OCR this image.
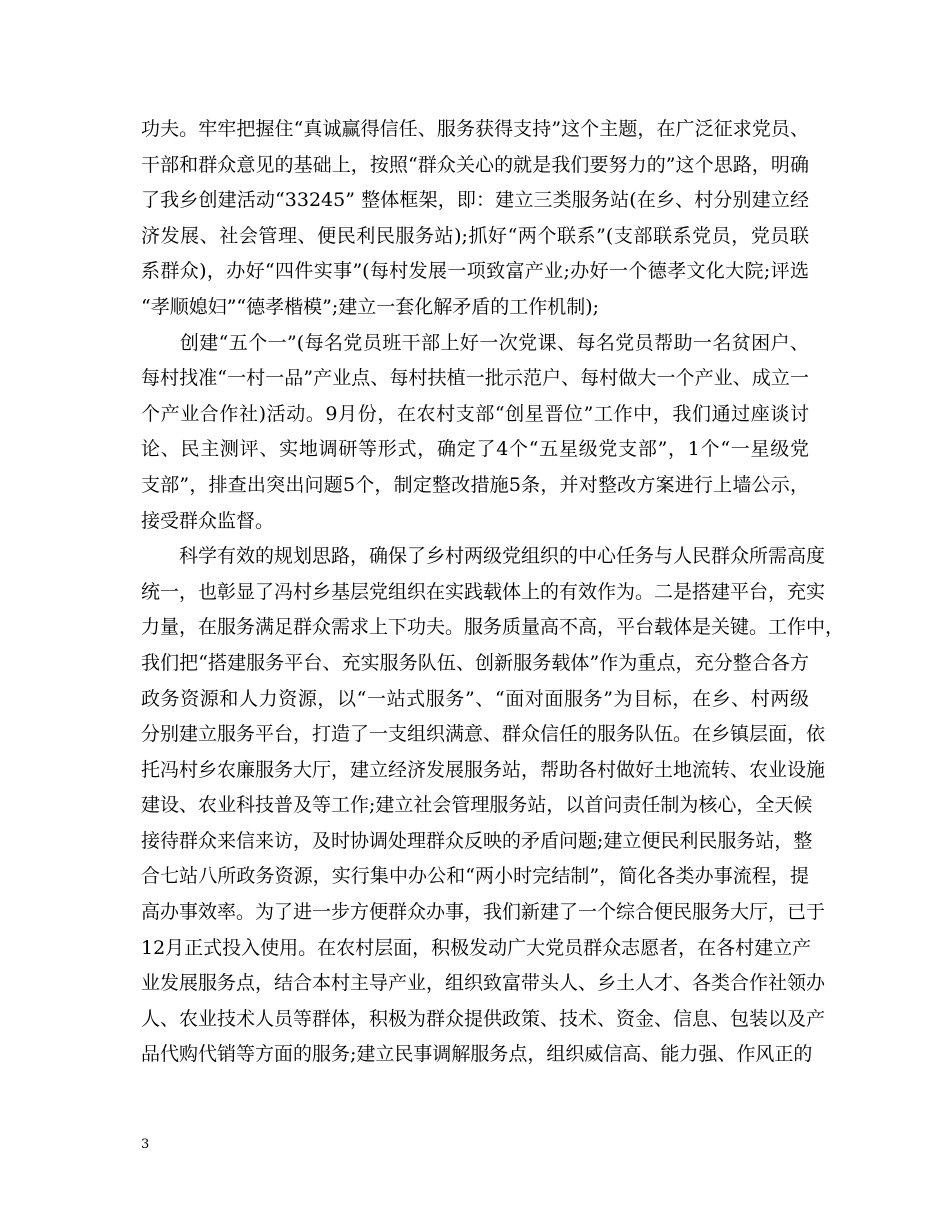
功夫。牢牢把握住“真诚赢得信任、服务获得支持”这个主题，在广泛征求党员、
干部和群众意见的基础上，按照“群众关心的就是我们要努力的”这个思路，明确
了我乡创建活动“33245” 整体框架，即：建立三类服务站(在乡、村分别建立经
济发展、社会管理、便民利民服务站);抓好“两个联系”(支部联系党员，党员联
系群众)，办好“四件实事”(每村发展一项致富产业;办好一个德孝文化大院;评选
“孝顺媳妇”“德孝楷模”;建立一套化解矛盾的工作机制);
　　创建“五个一”(每名党员班干部上好一次党课、每名党员帮助一名贫困户、
每村找准“一村一品”产业点、每村扶植一批示范户、每村做大一个产业、成立一
个产业合作社)活动。9月份，在农村支部“创星晋位”工作中，我们通过座谈讨
论、民主测评、实地调研等形式，确定了4个“五星级党支部”，1个“一星级党
支部”，排查出突出问题5个，制定整改措施5条，并对整改方案进行上墙公示，
接受群众监督。
　　科学有效的规划思路，确保了乡村两级党组织的中心任务与人民群众所需高度
统一，也彰显了冯村乡基层党组织在实践载体上的有效作为。二是搭建平台，充实
力量，在服务满足群众需求上下功夫。服务质量高不高，平台载体是关键。工作中，
我们把“搭建服务平台、充实服务队伍、创新服务载体”作为重点，充分整合各方
政务资源和人力资源，以“一站式服务”、“面对面服务”为目标，在乡、村两级
分别建立服务平台，打造了一支组织满意、群众信任的服务队伍。在乡镇层面，依
托冯村乡农廉服务大厅，建立经济发展服务站，帮助各村做好土地流转、农业设施
建设、农业科技普及等工作;建立社会管理服务站，以首问责任制为核心，全天候
接待群众来信来访，及时协调处理群众反映的矛盾问题;建立便民利民服务站，整
合七站八所政务资源，实行集中办公和“两小时完结制”，简化各类办事流程，提
高办事效率。为了进一步方便群众办事，我们新建了一个综合便民服务大厅，已于
12月正式投入使用。在农村层面，积极发动广大党员群众志愿者，在各村建立产
业发展服务点，结合本村主导产业，组织致富带头人、乡土人才、各类合作社领办
人、农业技术人员等群体，积极为群众提供政策、技术、资金、信息、包装以及产
品代购代销等方面的服务;建立民事调解服务点，组织威信高、能力强、作风正的
3
